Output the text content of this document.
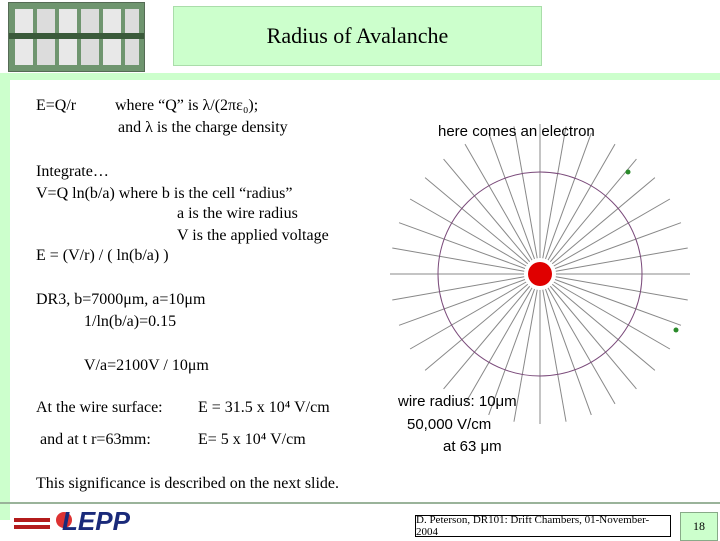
Radius of Avalanche
E=Q/r where “Q” is λ/(2πε₀);
and λ is the charge density
Integrate…
V=Q ln(b/a) where b is the cell “radius”
a is the wire radius
V is the applied voltage
E = (V/r) / ( ln(b/a) )
DR3, b=7000μm, a=10μm
1/ln(b/a)=0.15
V/a=2100V / 10μm
At the wire surface: E = 31.5 x 10⁴ V/cm
and at t r=63mm:	E= 5 x 10⁴ V/cm
This significance is described on the next slide.
here comes an electron
wire radius: 10μm
50,000 V/cm
at 63 μm
LEPP	D. Peterson, DR101: Drift Chambers, 01-November-2004	18
